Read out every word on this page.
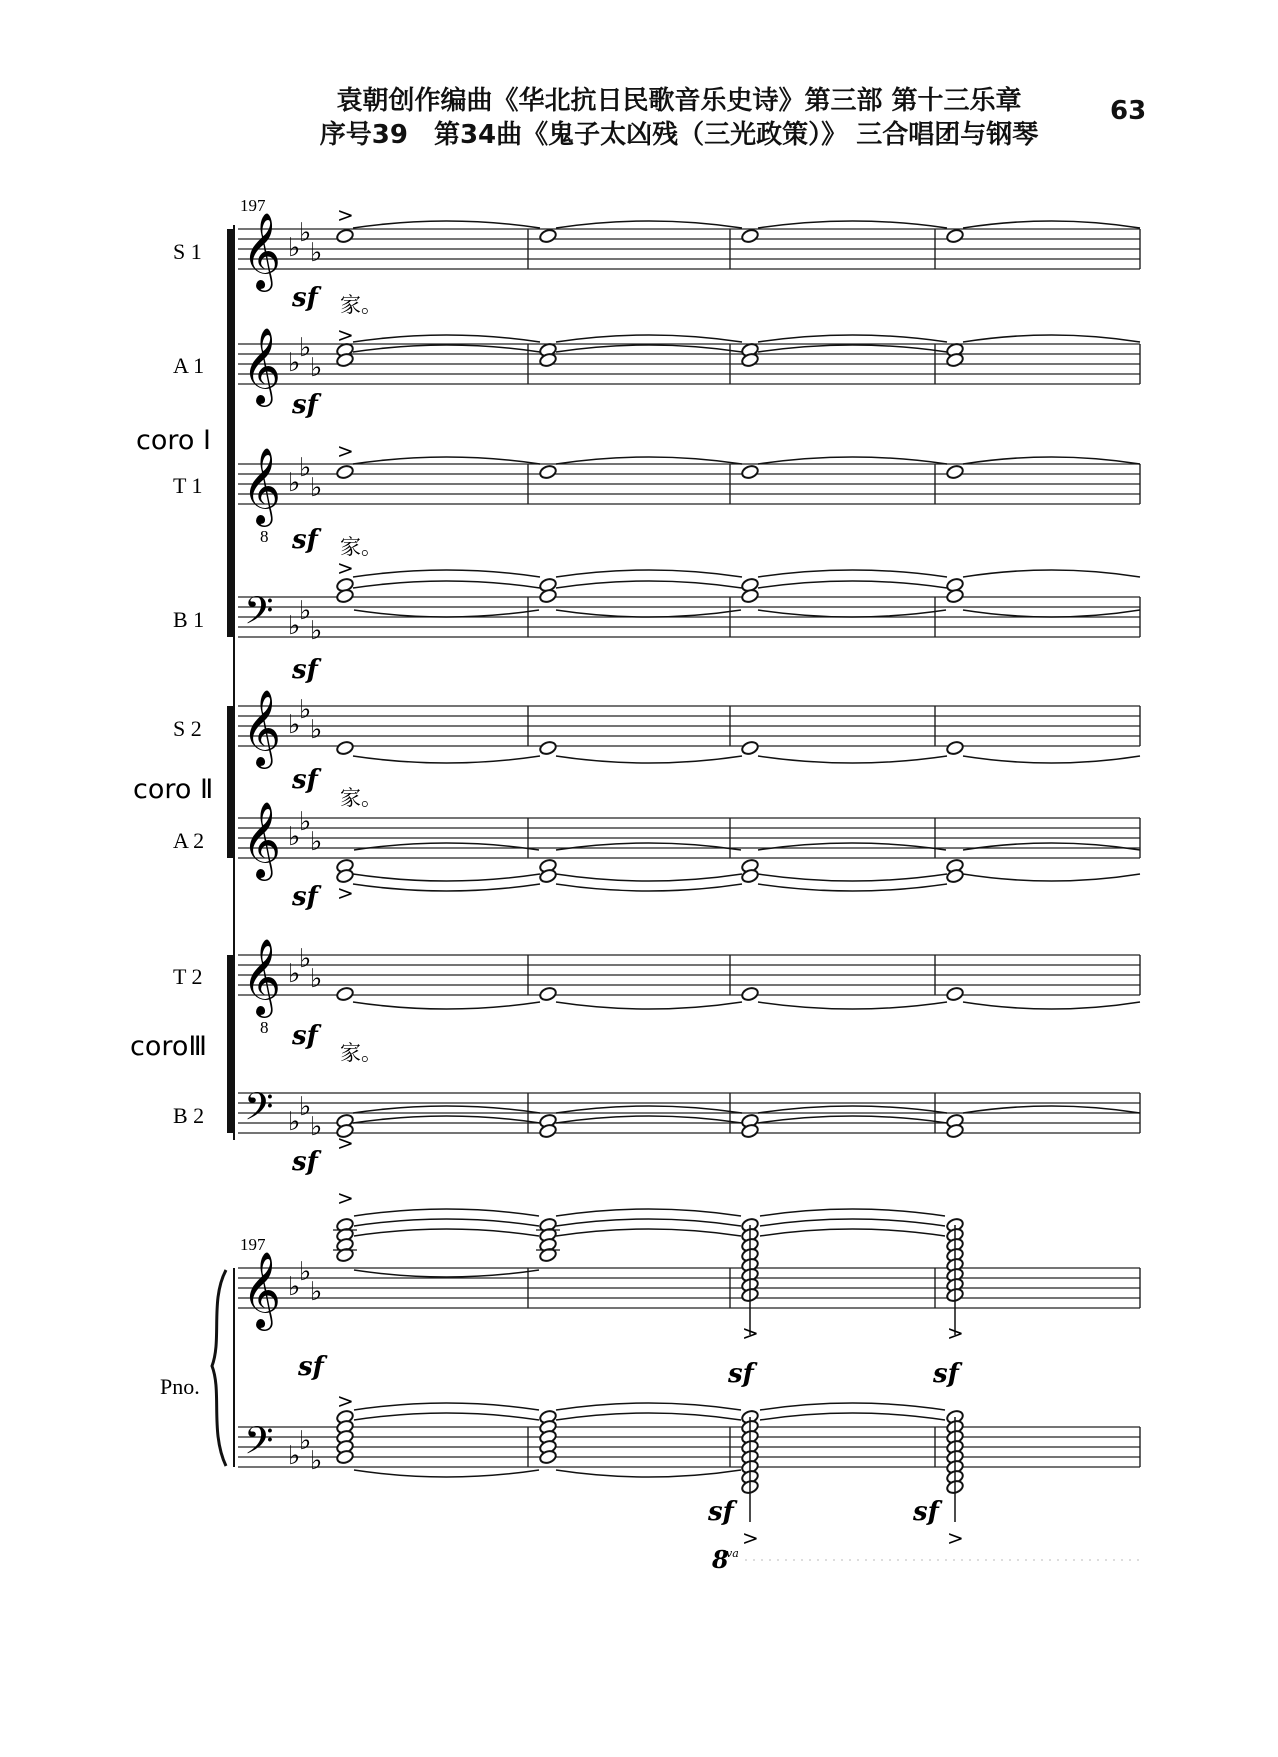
袁朝创作编曲《华北抗日民歌音乐史诗》第三部 第十三乐章
序号39　第34曲《鬼子太凶残（三光政策）》 三合唱团与钢琴
63
𝄞 ♭
♭
♭
𝄞 ♭
♭
♭
𝄞
8
♭
♭
♭
𝄢 ♭
♭
♭
𝄞 ♭
♭
♭
𝄞 ♭
♭
♭
𝄞
8
♭
♭
♭
𝄢 ♭
♭
♭
𝄞 ♭
♭
♭
𝄢 ♭
♭
♭
197
197
S 1
A 1
T 1
B 1
S 2
A 2
T 2
B 2
coro Ⅰ
coro Ⅱ
coroⅢ
Pno.
>
sf 家。
>
sf
>
sf 家。
>
sf
sf
家。
>
sf
sf
家。
>
sf
>
sf
>
sf
>
sf
>
>
sf
>
sf
8
va
